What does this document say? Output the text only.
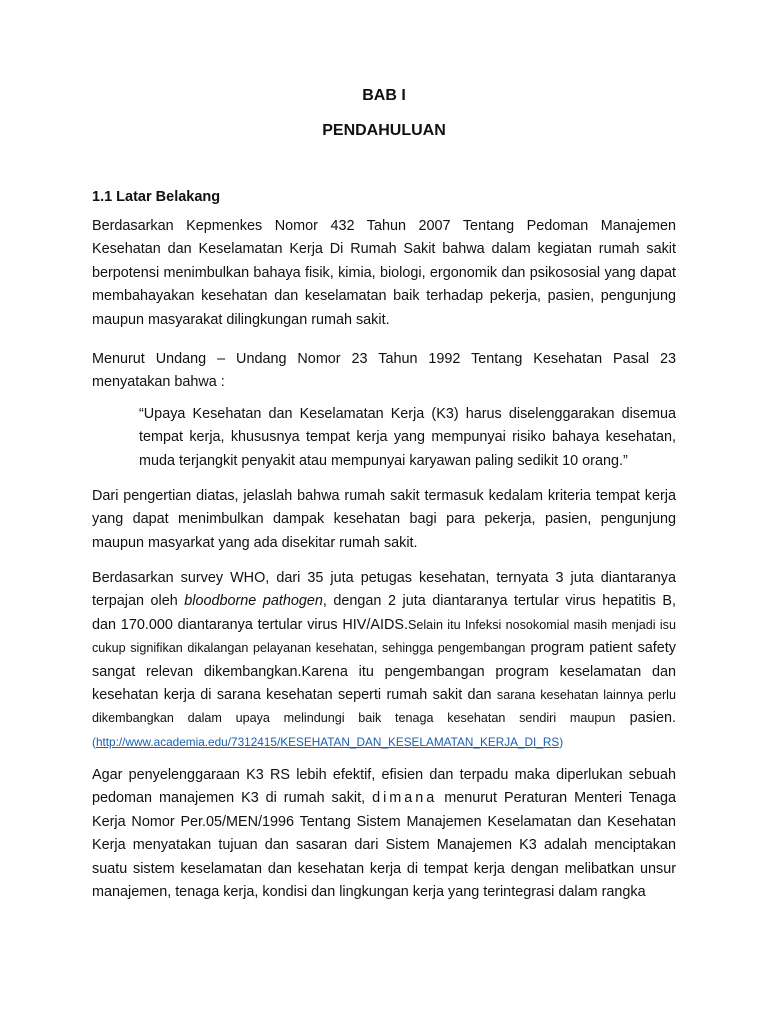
BAB I
PENDAHULUAN
1.1 Latar Belakang

Berdasarkan Kepmenkes Nomor 432 Tahun 2007 Tentang Pedoman Manajemen Kesehatan dan Keselamatan Kerja Di Rumah Sakit bahwa dalam kegiatan rumah sakit berpotensi menimbulkan bahaya fisik, kimia, biologi, ergonomik dan psikososial yang dapat membahayakan kesehatan dan keselamatan baik terhadap pekerja, pasien, pengunjung maupun masyarakat dilingkungan rumah sakit.

Menurut Undang – Undang Nomor 23 Tahun 1992 Tentang Kesehatan Pasal 23 menyatakan bahwa :

“Upaya Kesehatan dan Keselamatan Kerja (K3) harus diselenggarakan disemua tempat kerja, khususnya tempat kerja yang mempunyai risiko bahaya kesehatan, muda terjangkit penyakit atau mempunyai karyawan paling sedikit 10 orang.”

Dari pengertian diatas, jelaslah bahwa rumah sakit termasuk kedalam kriteria tempat kerja yang dapat menimbulkan dampak kesehatan bagi para pekerja, pasien, pengunjung maupun masyarkat yang ada disekitar rumah sakit.

Berdasarkan survey WHO, dari 35 juta petugas kesehatan, ternyata 3 juta diantaranya terpajan oleh bloodborne pathogen, dengan 2 juta diantaranya tertular virus hepatitis B, dan 170.000 diantaranya tertular virus HIV/AIDS.Selain itu Infeksi nosokomial masih menjadi isu cukup signifikan dikalangan pelayanan kesehatan, sehingga pengembangan program patient safety sangat relevan dikembangkan.Karena itu pengembangan program keselamatan dan kesehatan kerja di sarana kesehatan seperti rumah sakit dan sarana kesehatan lainnya perlu dikembangkan dalam upaya melindungi baik tenaga kesehatan sendiri maupun pasien.(http://www.academia.edu/7312415/KESEHATAN_DAN_KESELAMATAN_KERJA_DI_RS)

Agar penyelenggaraan K3 RS lebih efektif, efisien dan terpadu maka diperlukan sebuah pedoman manajemen K3 di rumah sakit, dimana menurut Peraturan Menteri Tenaga Kerja Nomor Per.05/MEN/1996 Tentang Sistem Manajemen Keselamatan dan Kesehatan Kerja menyatakan tujuan dan sasaran dari Sistem Manajemen K3 adalah menciptakan suatu sistem keselamatan dan kesehatan kerja di tempat kerja dengan melibatkan unsur manajemen, tenaga kerja, kondisi dan lingkungan kerja yang terintegrasi dalam rangka
